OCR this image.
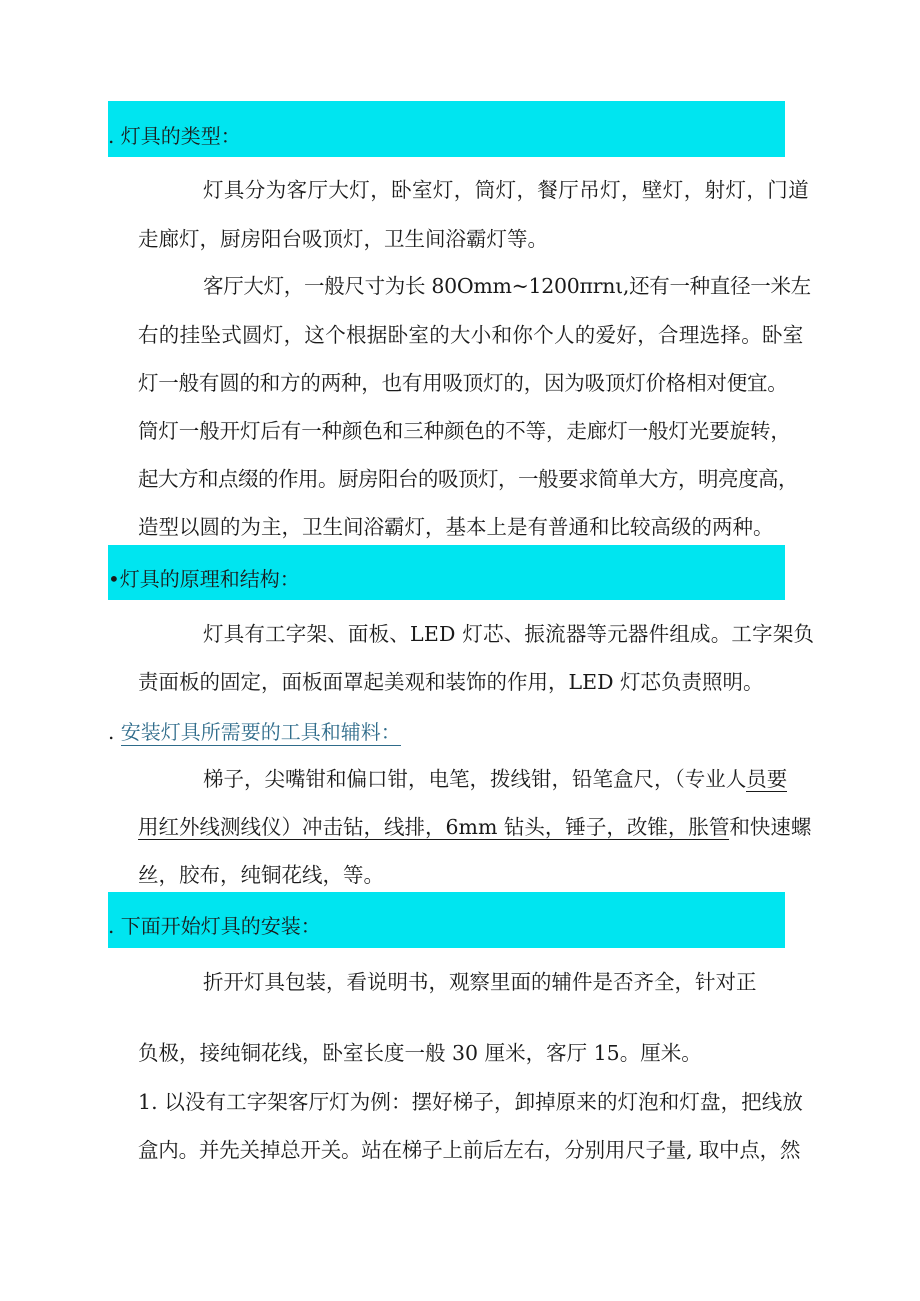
. 灯具的类型：
灯具分为客厅大灯，卧室灯，筒灯，餐厅吊灯，壁灯，射灯，门道
走廊灯，厨房阳台吸顶灯，卫生间浴霸灯等。
客厅大灯，一般尺寸为长 80Omm~1200πrnι,还有一种直径一米左
右的挂坠式圆灯，这个根据卧室的大小和你个人的爱好，合理选择。卧室
灯一般有圆的和方的两种，也有用吸顶灯的，因为吸顶灯价格相对便宜。
筒灯一般开灯后有一种颜色和三种颜色的不等，走廊灯一般灯光要旋转，
起大方和点缀的作用。厨房阳台的吸顶灯，一般要求简单大方，明亮度高，
造型以圆的为主，卫生间浴霸灯，基本上是有普通和比较高级的两种。
•灯具的原理和结构：
灯具有工字架、面板、LED 灯芯、振流器等元器件组成。工字架负
责面板的固定，面板面罩起美观和装饰的作用，LED 灯芯负责照明。
. 安装灯具所需要的工具和辅料：
梯子，尖嘴钳和偏口钳，电笔，拨线钳，铅笔盒尺，（专业人员要
用红外线测线仪）冲击钻，线排，6mm 钻头，锤子，改锥，胀管和快速螺
丝，胶布，纯铜花线，等。
. 下面开始灯具的安装：
折开灯具包装，看说明书，观察里面的辅件是否齐全，针对正
负极，接纯铜花线，卧室长度一般 30 厘米，客厅 15。厘米。
1. 以没有工字架客厅灯为例：摆好梯子，卸掉原来的灯泡和灯盘，把线放
盒内。并先关掉总开关。站在梯子上前后左右，分别用尺子量, 取中点，然
